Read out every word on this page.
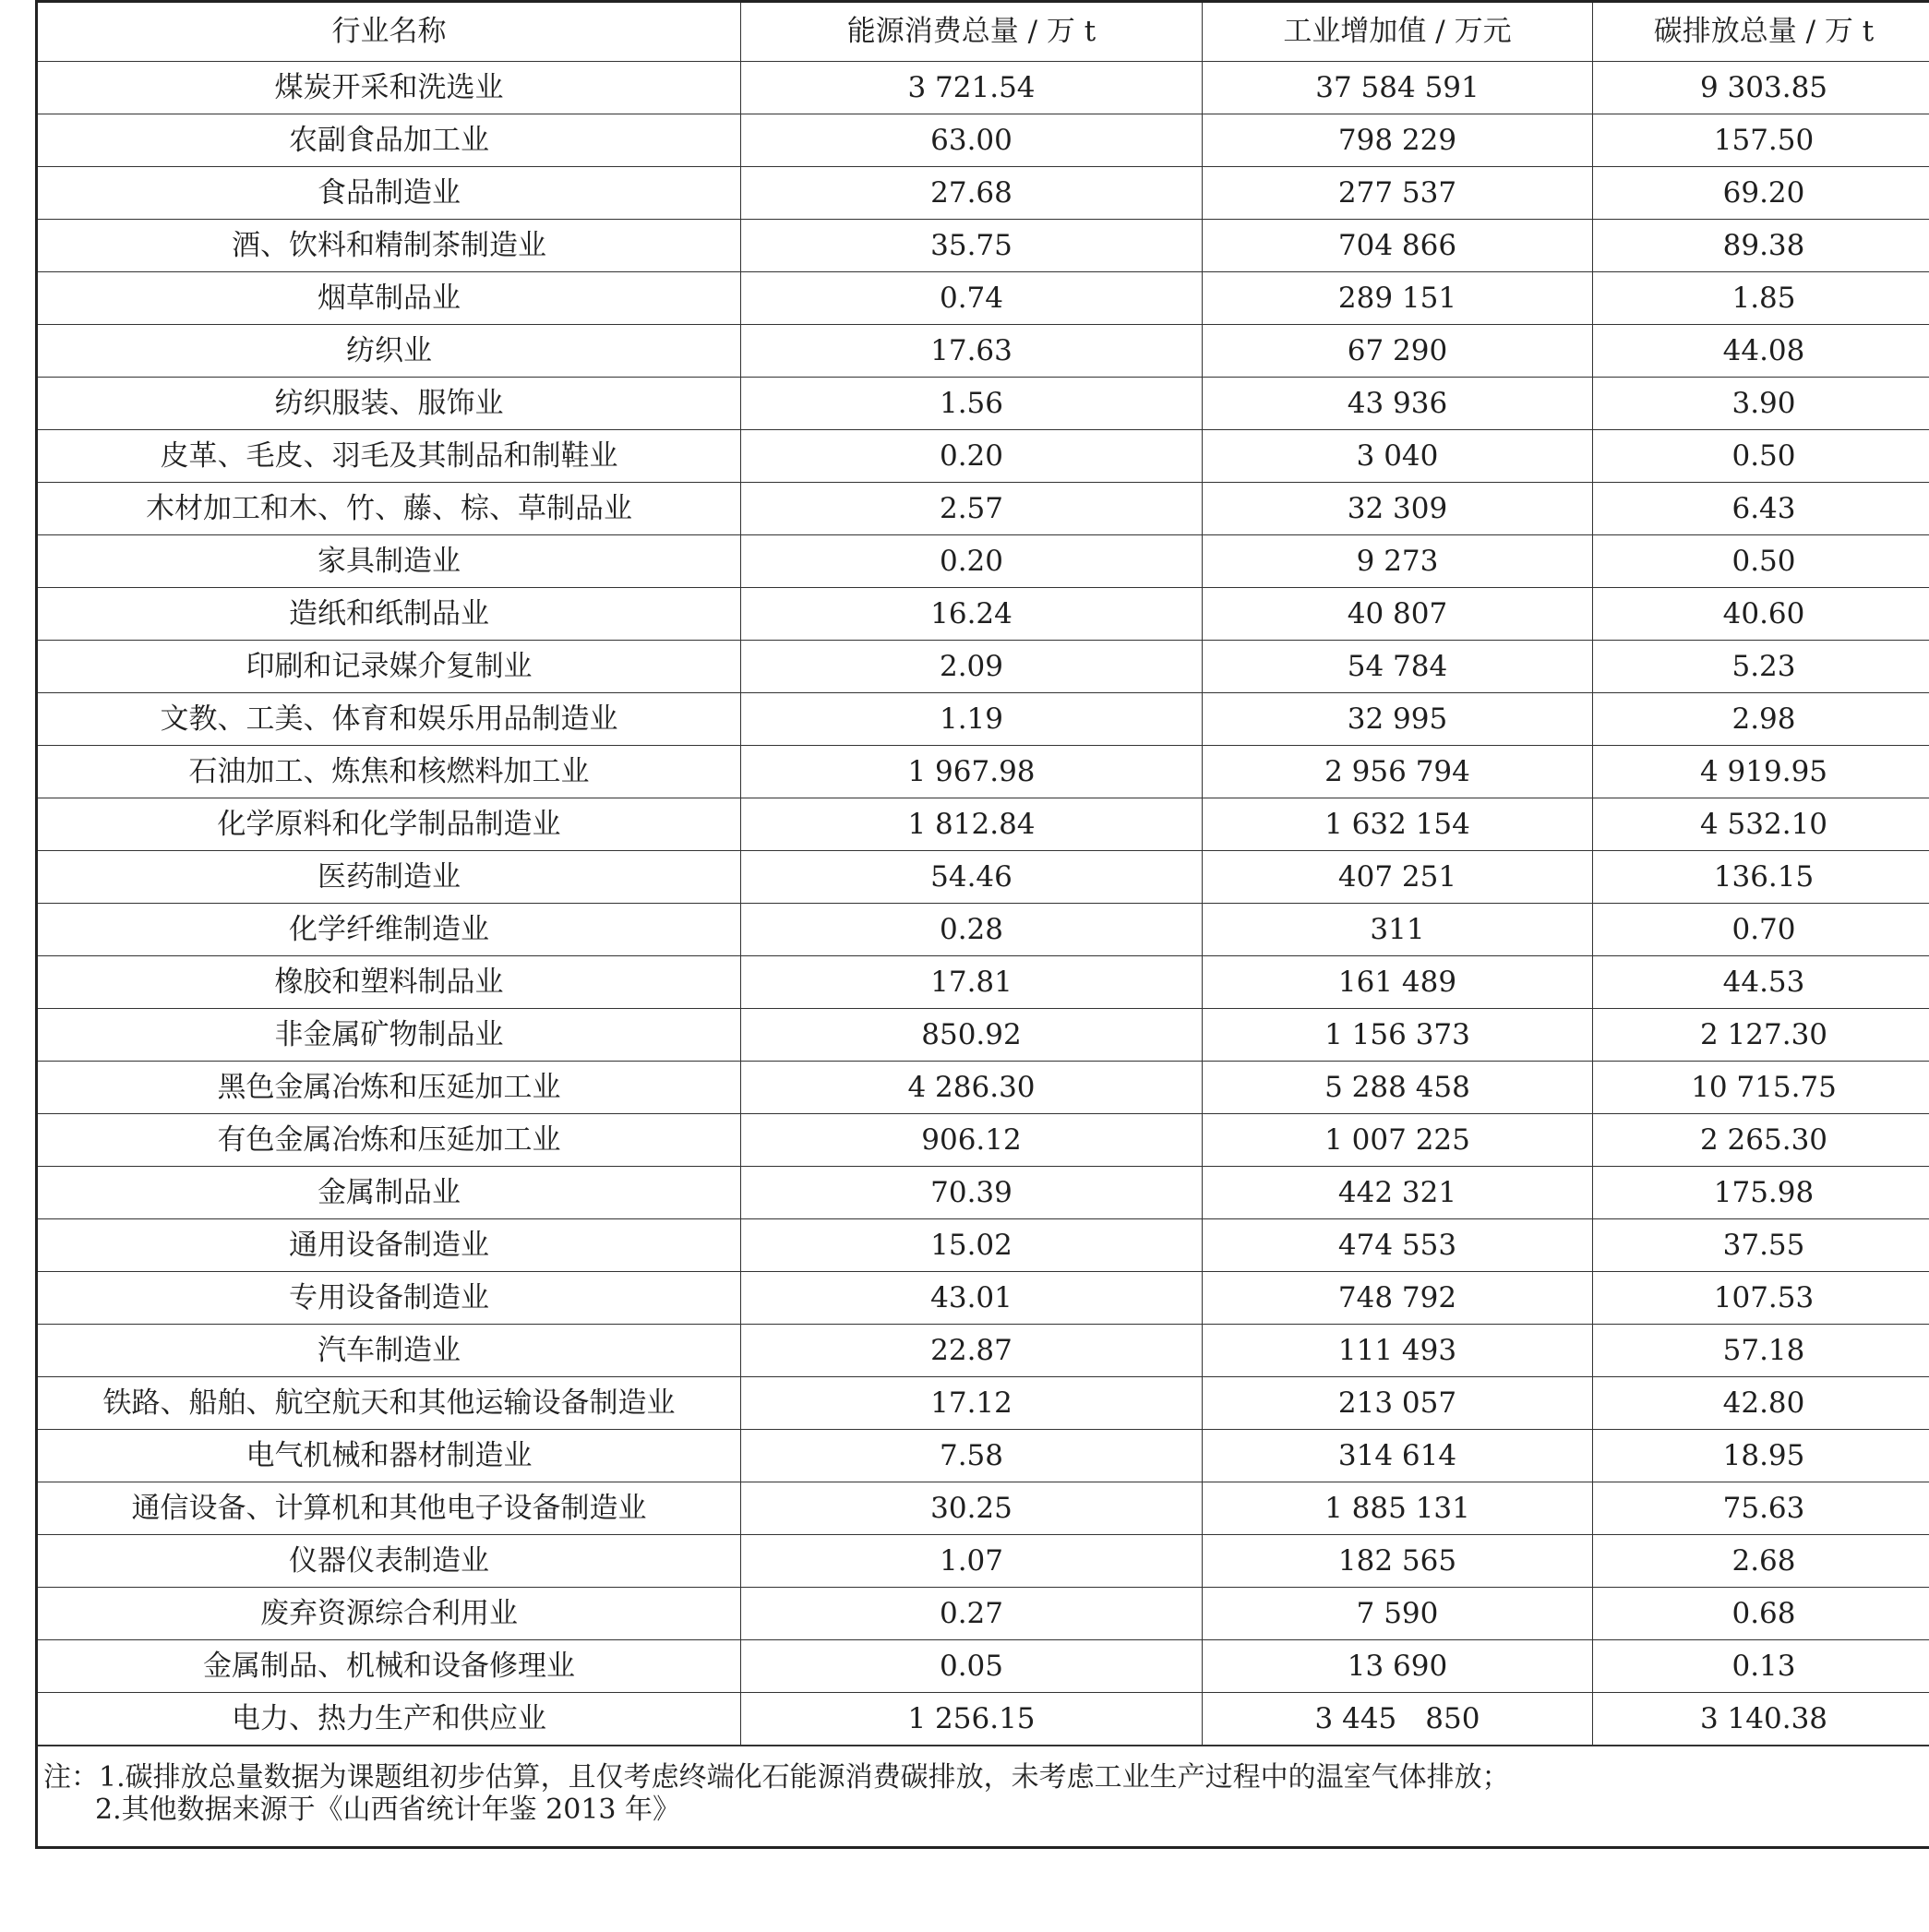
行业名称	能源消费总量 / 万 t	工业增加值 / 万元	碳排放总量 / 万 t
煤炭开采和洗选业	3 721.54	37 584 591	9 303.85
农副食品加工业	63.00	798 229	157.50
食品制造业	27.68	277 537	69.20
酒、饮料和精制茶制造业	35.75	704 866	89.38
烟草制品业	0.74	289 151	1.85
纺织业	17.63	67 290	44.08
纺织服装、服饰业	1.56	43 936	3.90
皮革、毛皮、羽毛及其制品和制鞋业	0.20	3 040	0.50
木材加工和木、竹、藤、棕、草制品业	2.57	32 309	6.43
家具制造业	0.20	9 273	0.50
造纸和纸制品业	16.24	40 807	40.60
印刷和记录媒介复制业	2.09	54 784	5.23
文教、工美、体育和娱乐用品制造业	1.19	32 995	2.98
石油加工、炼焦和核燃料加工业	1 967.98	2 956 794	4 919.95
化学原料和化学制品制造业	1 812.84	1 632 154	4 532.10
医药制造业	54.46	407 251	136.15
化学纤维制造业	0.28	311	0.70
橡胶和塑料制品业	17.81	161 489	44.53
非金属矿物制品业	850.92	1 156 373	2 127.30
黑色金属冶炼和压延加工业	4 286.30	5 288 458	10 715.75
有色金属冶炼和压延加工业	906.12	1 007 225	2 265.30
金属制品业	70.39	442 321	175.98
通用设备制造业	15.02	474 553	37.55
专用设备制造业	43.01	748 792	107.53
汽车制造业	22.87	111 493	57.18
铁路、船舶、航空航天和其他运输设备制造业	17.12	213 057	42.80
电气机械和器材制造业	7.58	314 614	18.95
通信设备、计算机和其他电子设备制造业	30.25	1 885 131	75.63
仪器仪表制造业	1.07	182 565	2.68
废弃资源综合利用业	0.27	7 590	0.68
金属制品、机械和设备修理业	0.05	13 690	0.13
电力、热力生产和供应业	1 256.15	3 445　850	3 140.38
注：1.碳排放总量数据为课题组初步估算，且仅考虑终端化石能源消费碳排放，未考虑工业生产过程中的温室气体排放；
2.其他数据来源于《山西省统计年鉴 2013 年》
